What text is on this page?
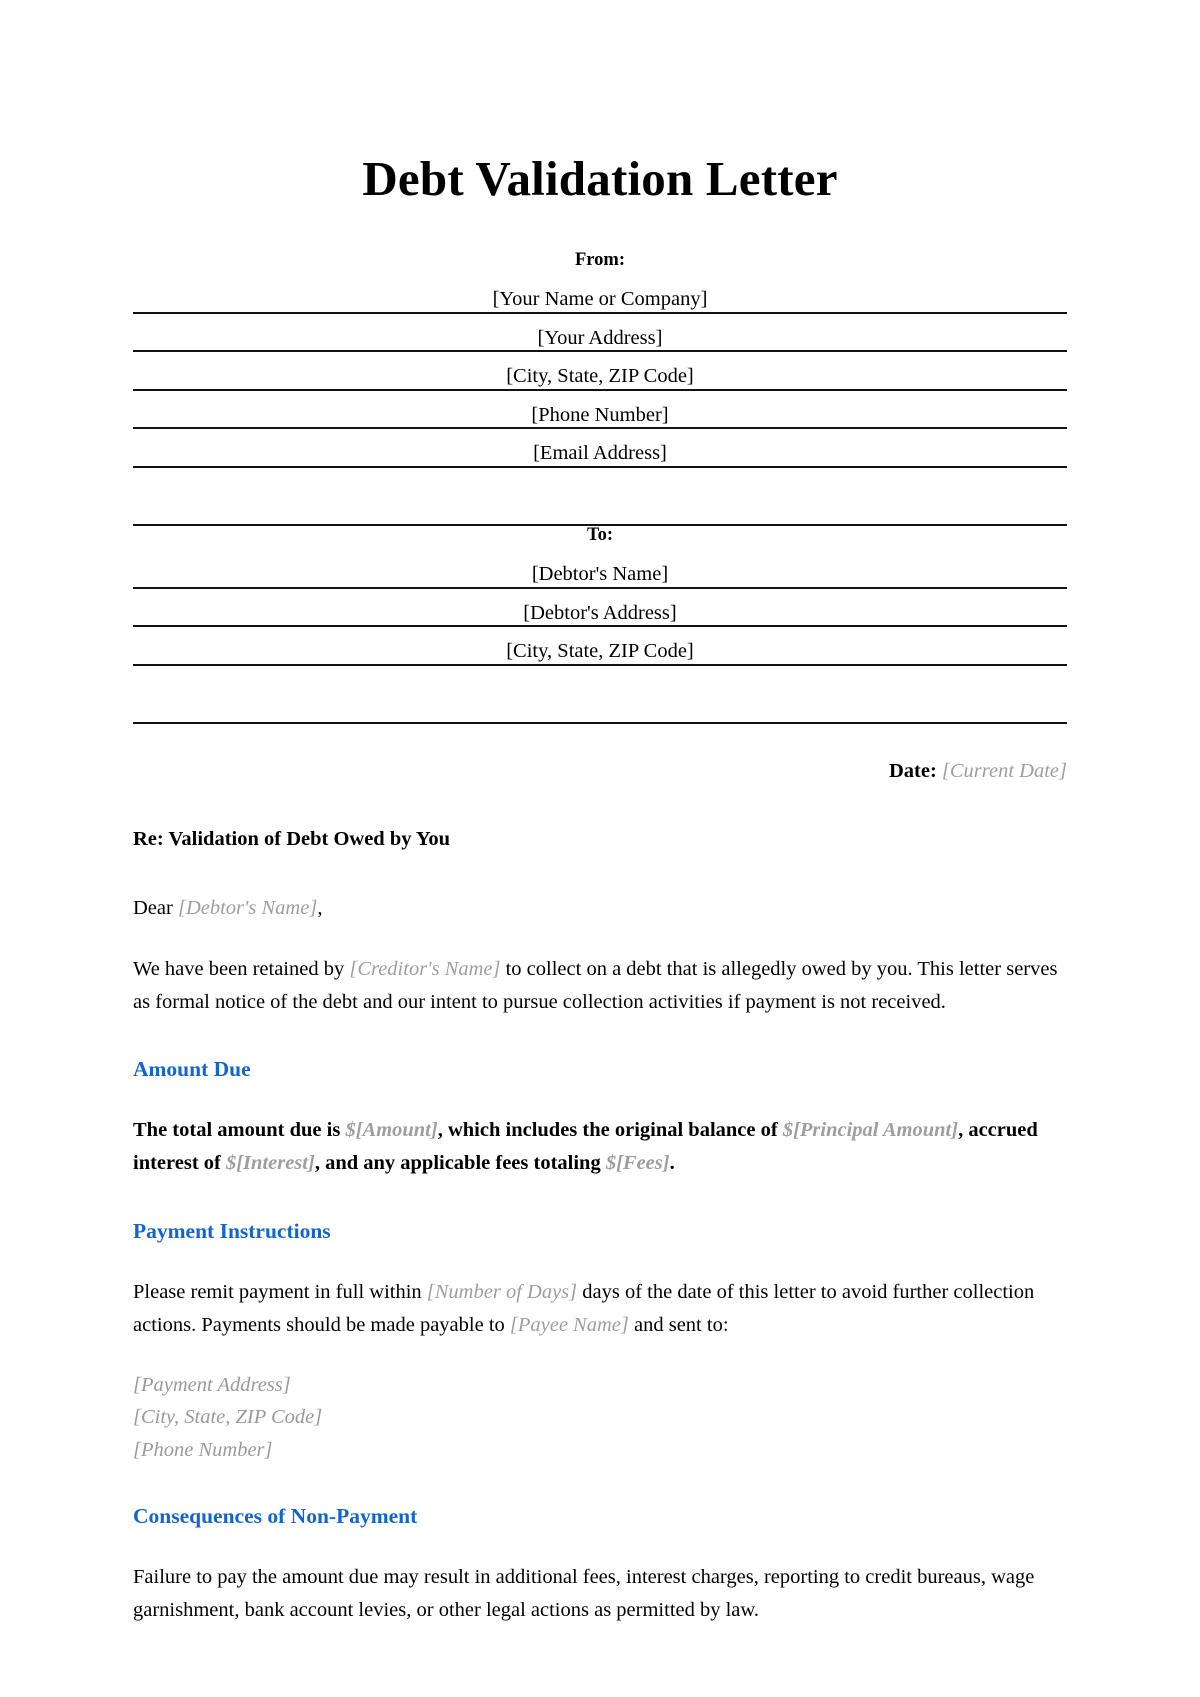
Debt Validation Letter
From:
[Your Name or Company]
[Your Address]
[City, State, ZIP Code]
[Phone Number]
[Email Address]

To:
[Debtor's Name]
[Debtor's Address]
[City, State, ZIP Code]

Date: [Current Date]

Re: Validation of Debt Owed by You

Dear [Debtor's Name],

We have been retained by [Creditor's Name] to collect on a debt that is allegedly owed by you. This letter serves as formal notice of the debt and our intent to pursue collection activities if payment is not received.

Amount Due

The total amount due is $[Amount], which includes the original balance of $[Principal Amount], accrued interest of $[Interest], and any applicable fees totaling $[Fees].

Payment Instructions

Please remit payment in full within [Number of Days] days of the date of this letter to avoid further collection actions. Payments should be made payable to [Payee Name] and sent to:

[Payment Address]
[City, State, ZIP Code]
[Phone Number]
Consequences of Non-Payment

Failure to pay the amount due may result in additional fees, interest charges, reporting to credit bureaus, wage garnishment, bank account levies, or other legal actions as permitted by law.
